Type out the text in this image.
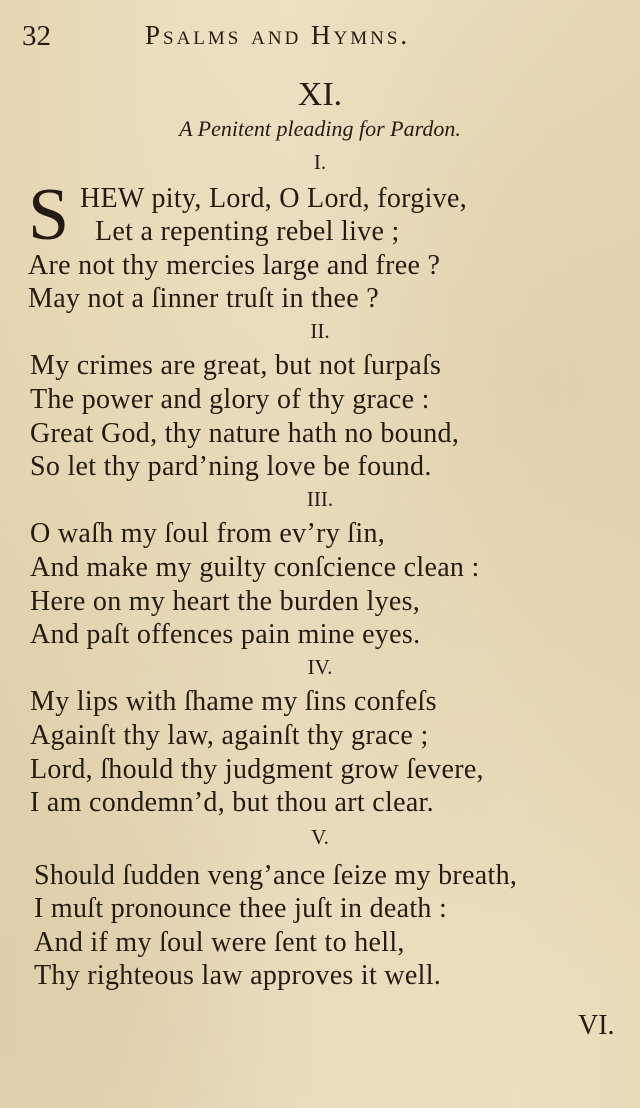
32	Psalms and Hymns.
XI.
A Penitent pleading for Pardon.
I.
S HEW pity, Lord, O Lord, forgive,
Let a repenting rebel live ;
Are not thy mercies large and free ?
May not a ſinner truſt in thee ?
II.
My crimes are great, but not ſurpaſs
The power and glory of thy grace :
Great God, thy nature hath no bound,
So let thy pard’ning love be found.
III.
O waſh my ſoul from ev’ry ſin,
And make my guilty conſcience clean :
Here on my heart the burden lyes,
And paſt offences pain mine eyes.
IV.
My lips with ſhame my ſins confeſs
Againſt thy law, againſt thy grace ;
Lord, ſhould thy judgment grow ſevere,
I am condemn’d, but thou art clear.
V.
Should ſudden veng’ance ſeize my breath,
I muſt pronounce thee juſt in death :
And if my ſoul were ſent to hell,
Thy righteous law approves it well.
VI.
